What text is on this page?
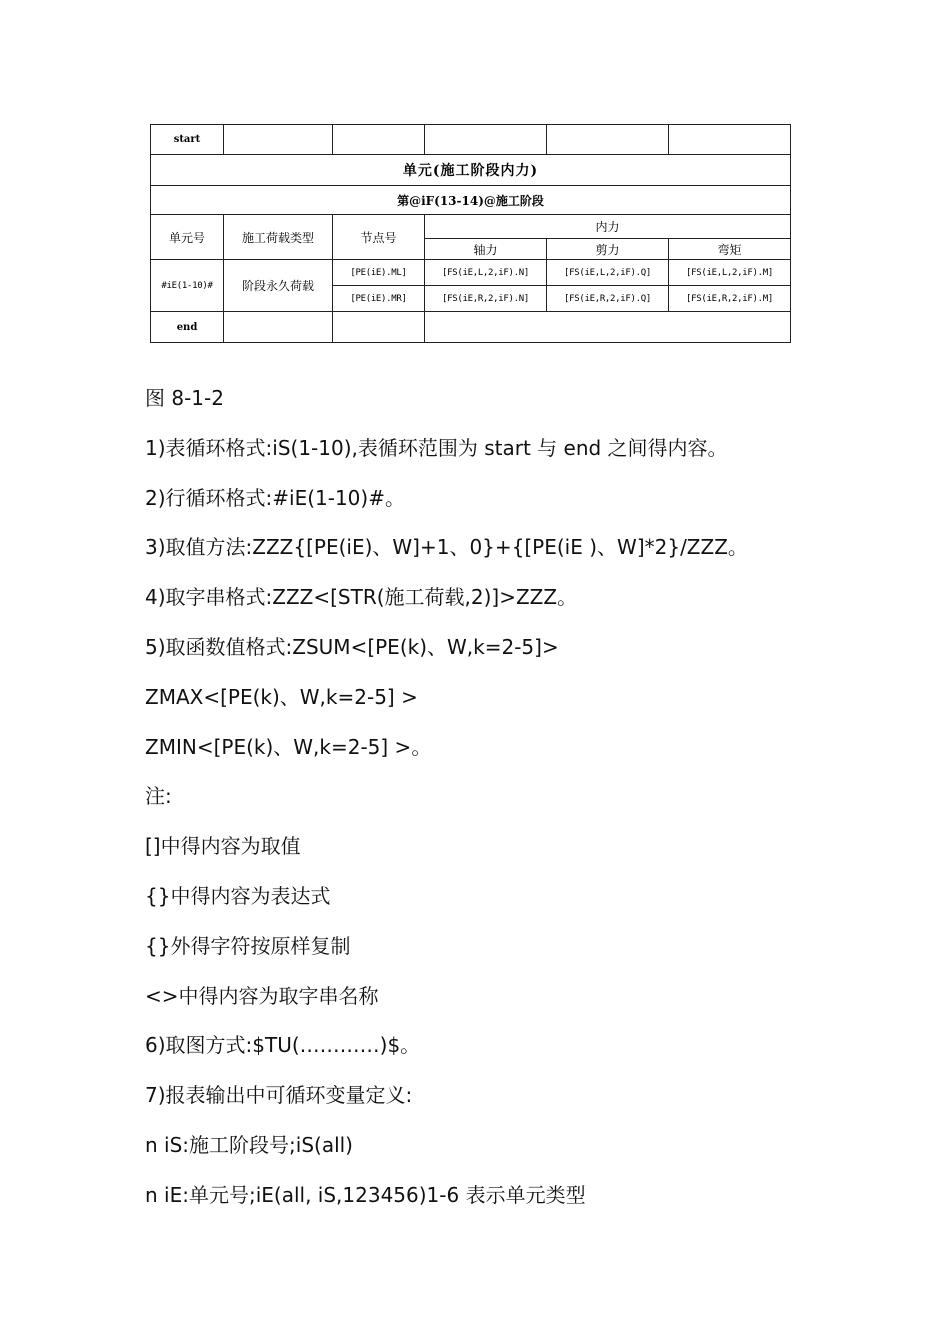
start					
单元(施工阶段内力)					
第@iF(13-14)@施工阶段					
单元号	施工荷载类型	节点号	内力		
			轴力	剪力	弯矩
#iE(1-10)#	阶段永久荷载	[PE(iE).ML]	[FS(iE,L,2,iF).N]	[FS(iE,L,2,iF).Q]	[FS(iE,L,2,iF).M]
		[PE(iE).MR]	[FS(iE,R,2,iF).N]	[FS(iE,R,2,iF).Q]	[FS(iE,R,2,iF).M]
end					
图 8-1-2
1)表循环格式:iS(1-10),表循环范围为 start 与 end 之间得内容。
2)行循环格式:#iE(1-10)#。
3)取值方法:ZZZ{[PE(iE)、W]+1、0}+{[PE(iE )、W]*2}/ZZZ。
4)取字串格式:ZZZ<[STR(施工荷载,2)]>ZZZ。
5)取函数值格式:ZSUM<[PE(k)、W,k=2-5]>
ZMAX<[PE(k)、W,k=2-5] >
ZMIN<[PE(k)、W,k=2-5] >。
注:
[]中得内容为取值
{}中得内容为表达式
{}外得字符按原样复制
<>中得内容为取字串名称
6)取图方式:$TU(…………)$。
7)报表输出中可循环变量定义:
n iS:施工阶段号;iS(all)
n iE:单元号;iE(all, iS,123456)1-6 表示单元类型
